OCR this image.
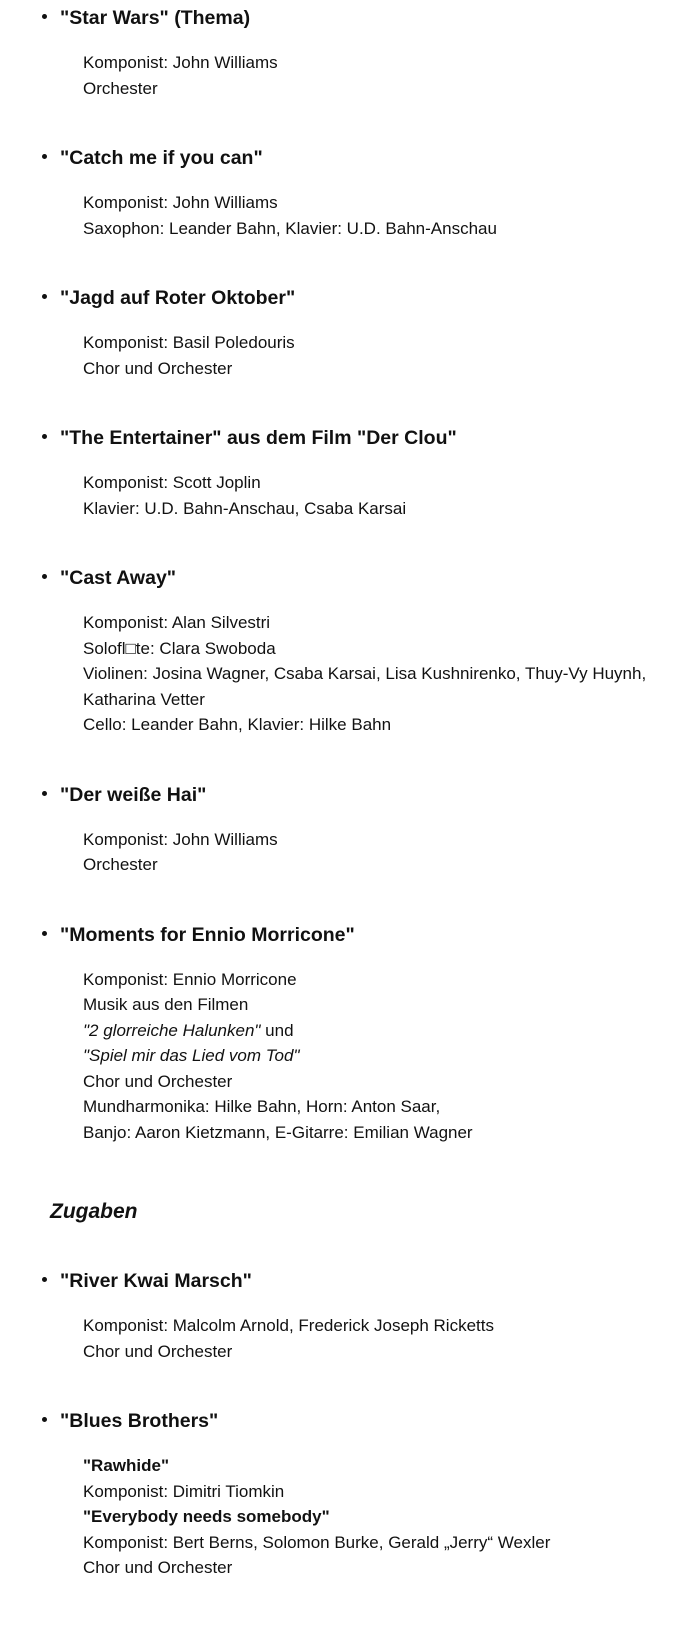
"Star Wars" (Thema)
Komponist: John Williams
Orchester
"Catch me if you can"
Komponist: John Williams
Saxophon: Leander Bahn, Klavier: U.D. Bahn-Anschau
"Jagd auf Roter Oktober"
Komponist: Basil Poledouris
Chor und Orchester
"The Entertainer" aus dem Film "Der Clou"
Komponist: Scott Joplin
Klavier: U.D. Bahn-Anschau, Csaba Karsai
"Cast Away"
Komponist: Alan Silvestri
Solofl□te: Clara Swoboda
Violinen: Josina Wagner, Csaba Karsai, Lisa Kushnirenko, Thuy-Vy Huynh, Katharina Vetter
Cello: Leander Bahn, Klavier: Hilke Bahn
"Der weiße Hai"
Komponist: John Williams
Orchester
"Moments for Ennio Morricone"
Komponist: Ennio Morricone
Musik aus den Filmen
"2 glorreiche Halunken" und
"Spiel mir das Lied vom Tod"
Chor und Orchester
Mundharmonika: Hilke Bahn, Horn: Anton Saar,
Banjo: Aaron Kietzmann, E-Gitarre: Emilian Wagner
Zugaben
"River Kwai Marsch"
Komponist: Malcolm Arnold, Frederick Joseph Ricketts
Chor und Orchester
"Blues Brothers"
"Rawhide"
Komponist: Dimitri Tiomkin
"Everybody needs somebody"
Komponist: Bert Berns, Solomon Burke, Gerald „Jerry“ Wexler
Chor und Orchester
